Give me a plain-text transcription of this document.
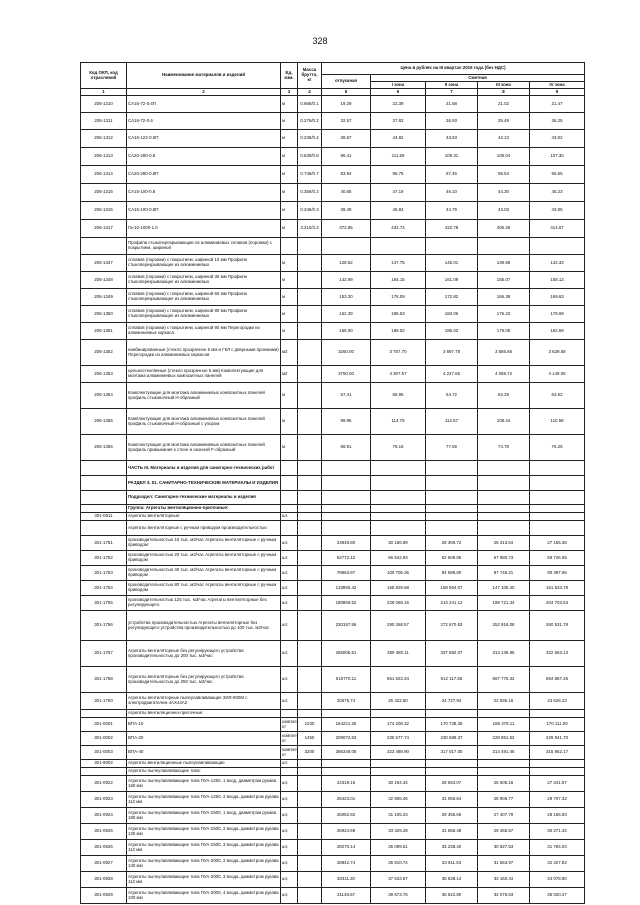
328
Код ОКП, код отраслевой	Наименование материалов и изделий	Ед. изм.	Масса брутто, кг	Цена в рублях на III квартал 2016 года (без НДС)				
				отпускная	Сметная			
					I зона	II зона	III зона	IV зона
1	2	3	4	5	6	7	8	9
206-1310	СА16-72-0.6П	м	0.866/0.1	19.29	22.39	21.68	21.02	21.47
206-1311	СА16-72-0.6	м	0.276/0.2	32.57	37.83	36.93	35.49	36.25
206-1312	СА16-122-0.6П	м	0.236/0.2	38.67	44.82	43.63	42.13	43.02
206-1313	СА20-280-0.8	м	0.630/0.8	96.41	111.59	109.31	105.04	107.30
206-1314	СА20-280-0.8П	м	0.746/0.7	83.94	96.75	97.45	95.54	95.65
206-1315	СА15-100-0.8	м	0.356/0.3	40.65	47.19	46.10	44.30	45.23
206-1316	СА15-100-0.8П	м	0.346/0.3	39.49	45.84	44.79	43.03	43.95
206-1317	Га-10-1000-1.0	м	3.210/3.2	372.85	432.74	422.78	406.26	414.67
	Профили стыкоперекрывающие из алюминиевых сплавов (порожки) с покрытием, шириной							
206-1347	сплавов (порожки) с покрытием, шириной 10 мм Профили стыкоперекрывающие из алюминиевых	м		128.62	147.75	145.01	139.59	142.33
206-1348	сплавов (порожки) с покрытием, шириной 30 мм Профили стыкоперекрывающие из алюминиевых	м		142.99	164.15	161.09	155.07	158.12
206-1349	сплавов (порожки) с покрытием, шириной 60 мм Профили стыкоперекрывающие из алюминиевых	м		153.30	176.09	172.82	166.38	169.63
206-1350	сплавов (порожки) с покрытием, шириной 80 мм Профили стыкоперекрывающие из алюминиевых	м		162.39	186.53	183.06	176.22	179.69
206-1351	сплавов (порожки) с покрытием, шириной 90 мм Перегородки из алюминиевых каркаса	м		165.00	189.52	186.02	179.06	182.59
206-1352	комбинированные (стекло прозрачное 5 мм и ГКЛ с дверными проемами) Перегородки из алюминиевых каркасов	м2		3260.00	3 767.70	3 697.78	3 556.66	3 629.58
206-1353	цельностеклянные (стекло прозрачное 5 мм) Комплектующие для монтажа алюминиевых композитных панелей	м2		3750.00	4 307.57	4 227.65	4 069.72	4 149.06
206-1354	Комплектующие для монтажа алюминиевых композитных панелей профиль стыковочный Н-образный	м		57.41	65.95	64.72	62.29	63.52
206-1355	Комплектующие для монтажа алюминиевых композитных панелей профиль стыковочный Н-образный с упором	м		99.95	114.78	112.67	108.44	110.58
206-1356	Комплектующие для монтажа алюминиевых композитных панелей профиль примыкания к стене и оконной F-образный	м		68.91	79.16	77.69	74.78	76.26
	ЧАСТЬ III. Материалы и изделия для санитарно-технических работ							
	РАЗДЕЛ 3. 01. САНИТАРНО-ТЕХНИЧЕСКИЕ МАТЕРИАЛЫ И ИЗДЕЛИЯ							
	Подраздел: Санитарно-технические материалы и изделия							
	Группа: Агрегаты вентиляционно-приточные:							
301-0611	Агрегаты вентиляторные:	шт.						
	Агрегаты вентиляторные с ручным приводом производительностью							
301-1751	производительностью 10 тыс. м3/час Агрегаты вентиляторные с ручным приводом	шт.		23949.80	30 186.89	28 369.72	26 313.64	27 165.36
301-1752	производительностью 20 тыс. м3/час Агрегаты вентиляторные с ручным приводом	шт.		52772.12	66 542.93	62 508.86	57 980.73	59 726.55
301-1753	производительностью 40 тыс. м3/час Агрегаты вентиляторные с ручным приводом	шт.		79863.97	100 705.36	94 599.80	87 746.21	90 397.96
301-1754	производительностью 80 тыс. м3/час Агрегаты вентиляторные с ручным приводом	шт.		133890.42	168 829.68	158 594.07	147 105.40	151 533.78
301-1755	производительностью 125 тыс. м3/час Агрегаты вентиляторные без регулирующего	шт.		180869.52	228 068.15	214 241.12	198 721.34	204 703.53
301-1756	устройства производительностью Агрегаты вентиляторные без регулирующего устройства производительностью до 100 тыс. м3/час	шт.		230197.56	290 268.57	272 670.53	252 918.08	260 531.78
301-1757	Агрегаты вентиляторные без регулирующего устройства производительностью до 200 тыс. м3/час	шт.		285006.51	359 380.11	337 592.07	313 136.95	322 563.13
301-1758	Агрегаты вентиляторные без регулирующего устройства производительностью до 250 тыс. м3/час	шт.		516770.11	651 623.34	612 117.55	567 775.32	584 867.26
301-1760	Агрегаты вентиляторные пылеулавливающие ЗИЛ-900М с электродвигателем 4АХ44А2	шт.		20675.74	26 322.50	24 727.94	22 936.16	23 626.23
	Агрегаты вентиляционно-приточные:							
301-0001	ВПА-10	компле кт	1030	154221.25	174 208.32	170 738.35	169 378.11	170 111.00
301-0002	ВПА-20	компле кт	1450	209072.63	235 577.74	230 689.37	228 851.52	229 841.70
301-0003	ВПА-40	компле кт	3200	286349.05	323 489.90	317 017.05	314 491.45	315 852.17
301-9002	Агрегаты вентиляционные пылеулавливающие	шт.						
	Агрегаты пылеулавливающие типа:							
301-0922	Агрегаты пылеулавливающие типа ПУА-1250, 1 вход, диаметром рукава 160 мм	шт.		24319.15	30 194.34	28 593.07	26 605.16	27 341.97
301-0923	Агрегаты пылеулавливающие типа ПУА-1250, 2 входа, диаметром рукава 112 мм	шт.		26423.01	32 806.46	31 066.64	28 906.77	29 707.32
301-0924	Агрегаты пылеулавливающие типа ПУА-1500, 1 вход, диаметром рукава 180 мм	шт.		25052.82	31 105.23	29 455.66	27 407.79	28 166.83
301-0925	Агрегаты пылеулавливающие типа ПУА-1500, 2 входа, диаметром рукава 125 мм	шт.		26924.69	33 429.28	31 656.48	29 455.57	30 271.32
301-0926	Агрегаты пылеулавливающие типа ПУА-1500, 3 входа, диаметром рукава 112 мм	шт.		28270.14	35 099.61	33 238.40	30 927.53	31 784.04
301-0927	Агрегаты пылеулавливающие типа ПУА-2000, 2 входа, диаметром рукава 140 мм	шт.		28842.74	35 810.74	33 911.63	31 553.97	32 427.82
301-0928	Агрегаты пылеулавливающие типа ПУА-2000, 3 входа, диаметром рукава 112 мм	шт.		30311.20	37 633.87	35 638.14	33 160.44	34 078.80
301-0929	Агрегаты пылеулавливающие типа ПУА-2000, 4 входа, диаметром рукава 100 мм	шт.		31148.67	38 673.76	36 622.80	34 076.63	35 020.37
